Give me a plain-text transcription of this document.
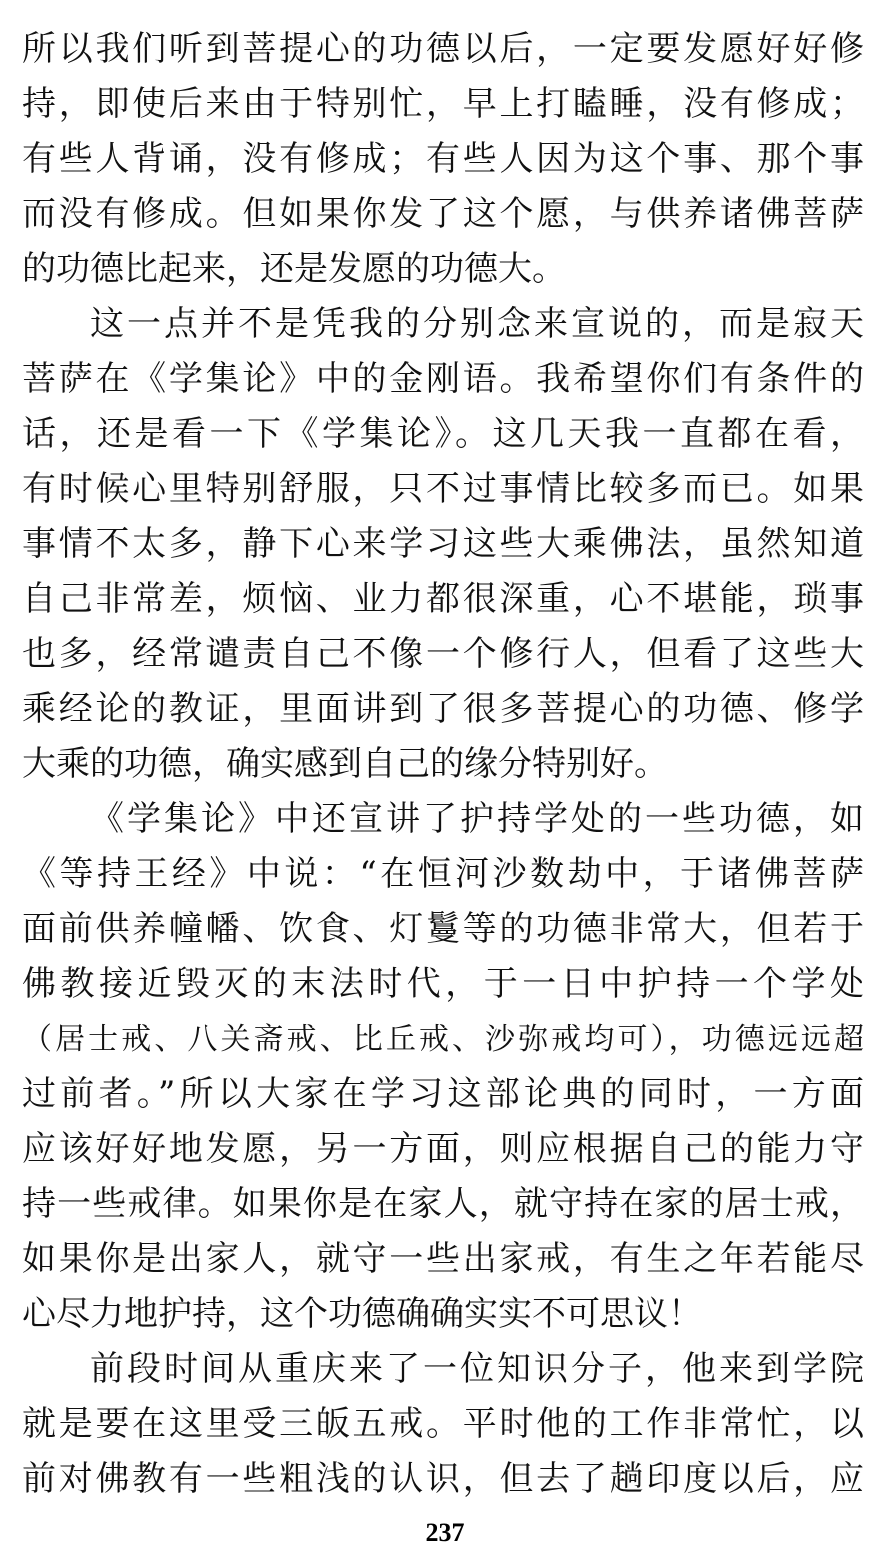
所以我们听到菩提心的功德以后，一定要发愿好好修
持，即使后来由于特别忙，早上打瞌睡，没有修成；
有些人背诵，没有修成；有些人因为这个事、那个事
而没有修成。但如果你发了这个愿，与供养诸佛菩萨
的功德比起来，还是发愿的功德大。
这一点并不是凭我的分别念来宣说的，而是寂天
菩萨在《学集论》中的金刚语。我希望你们有条件的
话，还是看一下《学集论》。这几天我一直都在看，
有时候心里特别舒服，只不过事情比较多而已。如果
事情不太多，静下心来学习这些大乘佛法，虽然知道
自己非常差，烦恼、业力都很深重，心不堪能，琐事
也多，经常谴责自己不像一个修行人，但看了这些大
乘经论的教证，里面讲到了很多菩提心的功德、修学
大乘的功德，确实感到自己的缘分特别好。
《学集论》中还宣讲了护持学处的一些功德，如
《等持王经》中说：“在恒河沙数劫中，于诸佛菩萨
面前供养幢幡、饮食、灯鬘等的功德非常大，但若于
佛教接近毁灭的末法时代，于一日中护持一个学处
（居士戒、八关斋戒、比丘戒、沙弥戒均可），功德远远超
过前者。”所以大家在学习这部论典的同时，一方面
应该好好地发愿，另一方面，则应根据自己的能力守
持一些戒律。如果你是在家人，就守持在家的居士戒，
如果你是出家人，就守一些出家戒，有生之年若能尽
心尽力地护持，这个功德确确实实不可思议！
前段时间从重庆来了一位知识分子，他来到学院
就是要在这里受三皈五戒。平时他的工作非常忙，以
前对佛教有一些粗浅的认识，但去了趟印度以后，应
237
